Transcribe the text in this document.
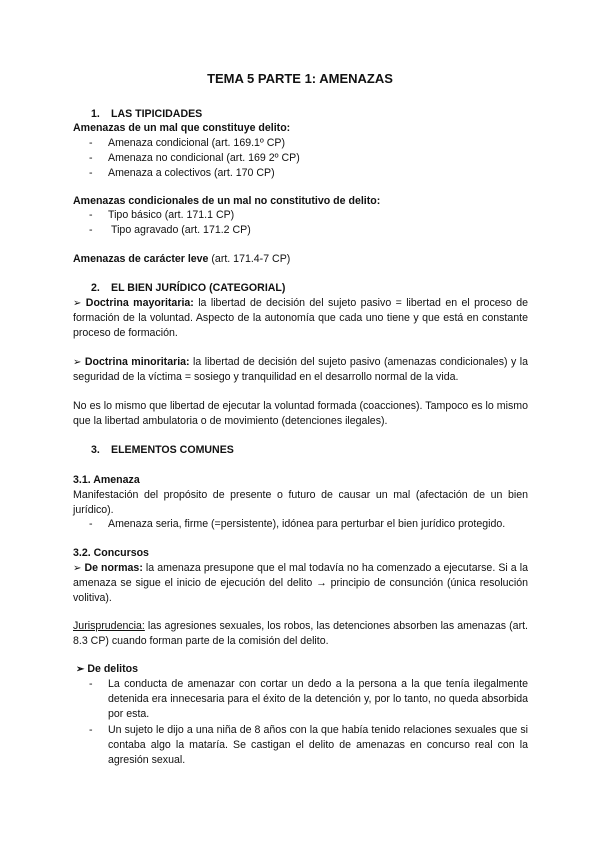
TEMA 5 PARTE 1: AMENAZAS
1. LAS TIPICIDADES
Amenazas de un mal que constituye delito:
- Amenaza condicional (art. 169.1º CP)
- Amenaza no condicional (art. 169 2º CP)
- Amenaza a colectivos (art. 170 CP)
Amenazas condicionales de un mal no constitutivo de delito:
- Tipo básico (art. 171.1 CP)
- Tipo agravado (art. 171.2 CP)
Amenazas de carácter leve (art. 171.4-7 CP)
2. EL BIEN JURÍDICO (CATEGORIAL)
➢ Doctrina mayoritaria: la libertad de decisión del sujeto pasivo = libertad en el proceso de formación de la voluntad. Aspecto de la autonomía que cada uno tiene y que está en constante proceso de formación.
➢ Doctrina minoritaria: la libertad de decisión del sujeto pasivo (amenazas condicionales) y la seguridad de la víctima = sosiego y tranquilidad en el desarrollo normal de la vida.
No es lo mismo que libertad de ejecutar la voluntad formada (coacciones). Tampoco es lo mismo que la libertad ambulatoria o de movimiento (detenciones ilegales).
3. ELEMENTOS COMUNES
3.1. Amenaza
Manifestación del propósito de presente o futuro de causar un mal (afectación de un bien jurídico).
- Amenaza seria, firme (=persistente), idónea para perturbar el bien jurídico protegido.
3.2. Concursos
➢ De normas: la amenaza presupone que el mal todavía no ha comenzado a ejecutarse. Si a la amenaza se sigue el inicio de ejecución del delito → principio de consunción (única resolución volitiva).
Jurisprudencia: las agresiones sexuales, los robos, las detenciones absorben las amenazas (art. 8.3 CP) cuando forman parte de la comisión del delito.
➢ De delitos
- La conducta de amenazar con cortar un dedo a la persona a la que tenía ilegalmente detenida era innecesaria para el éxito de la detención y, por lo tanto, no queda absorbida por esta.
- Un sujeto le dijo a una niña de 8 años con la que había tenido relaciones sexuales que si contaba algo la mataría. Se castigan el delito de amenazas en concurso real con la agresión sexual.
